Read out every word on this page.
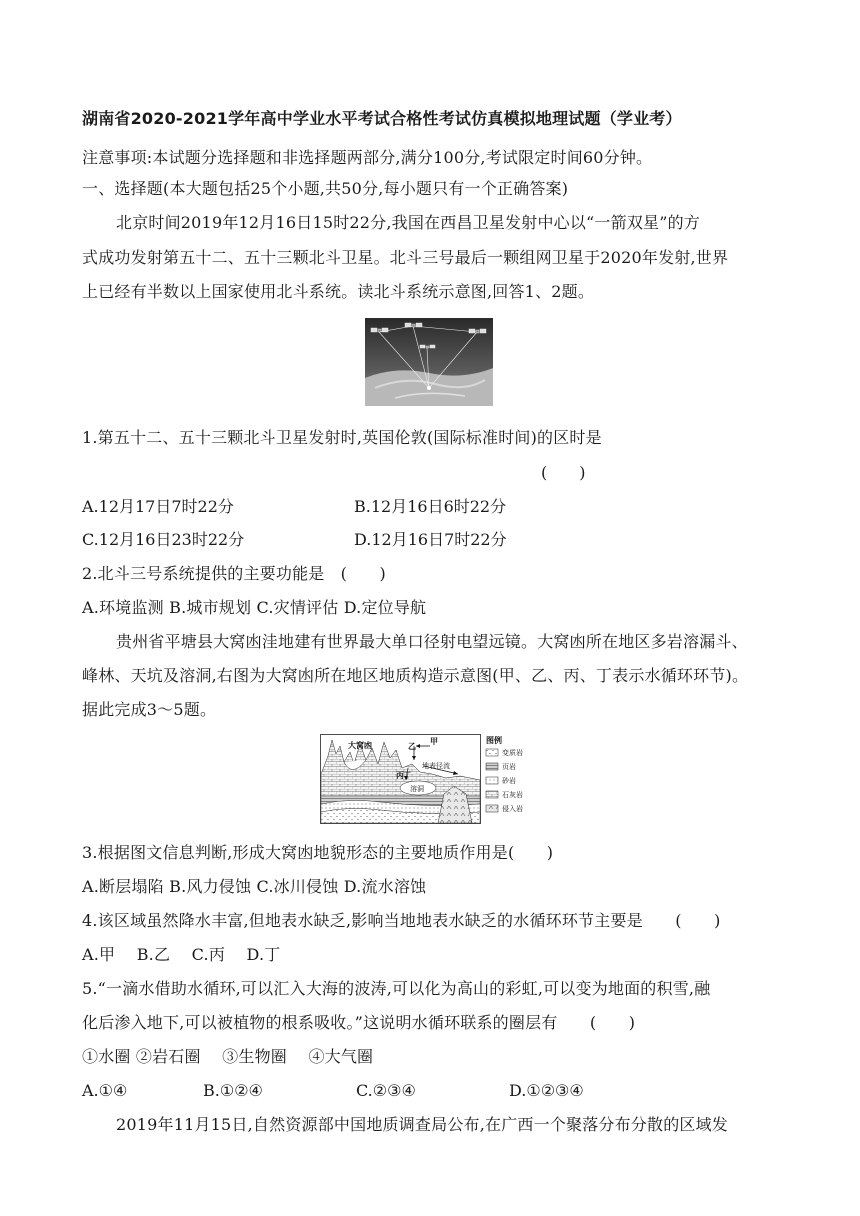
湖南省2020-2021学年高中学业水平考试合格性考试仿真模拟地理试题（学业考）
注意事项:本试题分选择题和非选择题两部分,满分100分,考试限定时间60分钟。
一、选择题(本大题包括25个小题,共50分,每小题只有一个正确答案)
北京时间2019年12月16日15时22分,我国在西昌卫星发射中心以“一箭双星”的方
式成功发射第五十二、五十三颗北斗卫星。北斗三号最后一颗组网卫星于2020年发射,世界
上已经有半数以上国家使用北斗系统。读北斗系统示意图,回答1、2题。
1.第五十二、五十三颗北斗卫星发射时,英国伦敦(国际标准时间)的区时是
(　　)
A.12月17日7时22分	B.12月16日6时22分
C.12月16日23时22分	D.12月16日7时22分
2.北斗三号系统提供的主要功能是　(　　)
A.环境监测 B.城市规划 C.灾情评估 D.定位导航
贵州省平塘县大窝凼洼地建有世界最大单口径射电望远镜。大窝凼所在地区多岩溶漏斗、
峰林、天坑及溶洞,右图为大窝凼所在地区地质构造示意图(甲、乙、丙、丁表示水循环环节)。
据此完成3～5题。
大窝凼	乙
甲
地表径流
丙 丁
溶洞
图例
变质岩
页岩
砂岩
石灰岩
侵入岩
3.根据图文信息判断,形成大窝凼地貌形态的主要地质作用是(　　)
A.断层塌陷 B.风力侵蚀 C.冰川侵蚀 D.流水溶蚀
4.该区域虽然降水丰富,但地表水缺乏,影响当地地表水缺乏的水循环环节主要是　　(　　)
A.甲　 B.乙　 C.丙　 D.丁
5.“一滴水借助水循环,可以汇入大海的波涛,可以化为高山的彩虹,可以变为地面的积雪,融
化后渗入地下,可以被植物的根系吸收。”这说明水循环联系的圈层有　　(　　)
①水圈 ②岩石圈　 ③生物圈　 ④大气圈
A.①④	B.①②④	C.②③④	D.①②③④
2019年11月15日,自然资源部中国地质调查局公布,在广西一个聚落分布分散的区域发
